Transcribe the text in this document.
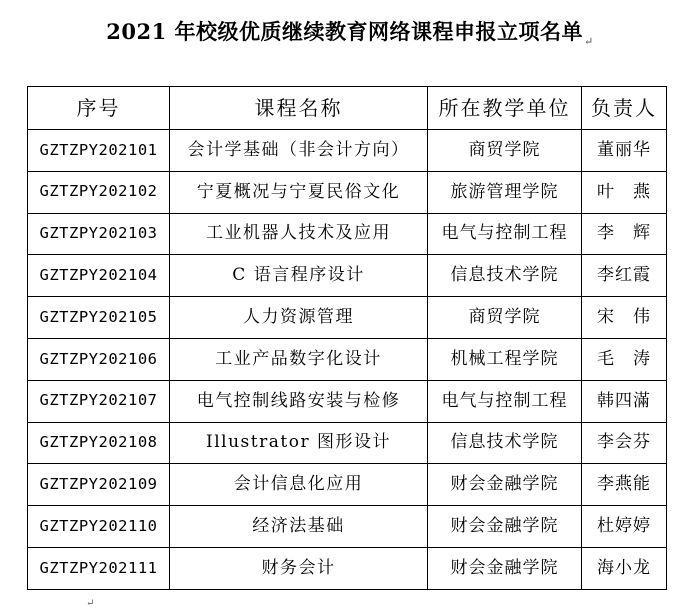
2021 年校级优质继续教育网络课程申报立项名单$_↵$
序号	课程名称	所在教学单位	负责人
GZTZPY202101	会计学基础（非会计方向）	商贸学院	董丽华
GZTZPY202102	宁夏概况与宁夏民俗文化	旅游管理学院	叶　燕
GZTZPY202103	工业机器人技术及应用	电气与控制工程	李　辉
GZTZPY202104	C 语言程序设计	信息技术学院	李红霞
GZTZPY202105	人力资源管理	商贸学院	宋　伟
GZTZPY202106	工业产品数字化设计	机械工程学院	毛　涛
GZTZPY202107	电气控制线路安装与检修	电气与控制工程	韩四滿
GZTZPY202108	Illustrator 图形设计	信息技术学院	李会芬
GZTZPY202109	会计信息化应用	财会金融学院	李燕能
GZTZPY202110	经济法基础	财会金融学院	杜婷婷
GZTZPY202111	财务会计	财会金融学院	海小龙
↵
